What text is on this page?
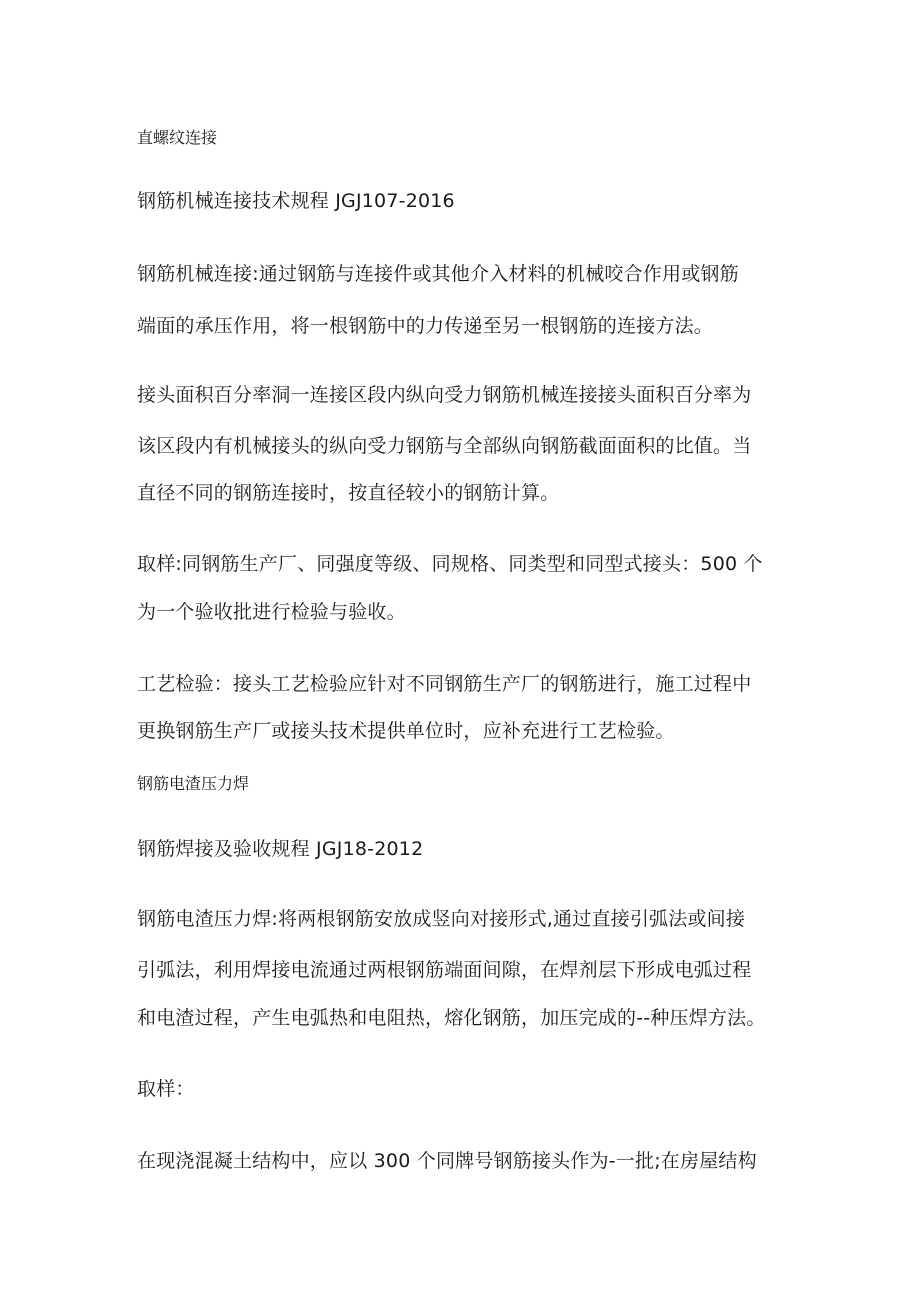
直螺纹连接
钢筋机械连接技术规程 JGJ107-2016
钢筋机械连接:通过钢筋与连接件或其他介入材料的机械咬合作用或钢筋
端面的承压作用，将一根钢筋中的力传递至另一根钢筋的连接方法。
接头面积百分率洞一连接区段内纵向受力钢筋机械连接接头面积百分率为
该区段内有机械接头的纵向受力钢筋与全部纵向钢筋截面面积的比值。当
直径不同的钢筋连接时，按直径较小的钢筋计算。
取样:同钢筋生产厂、同强度等级、同规格、同类型和同型式接头：500 个
为一个验收批进行检验与验收。
工艺检验：接头工艺检验应针对不同钢筋生产厂的钢筋进行，施工过程中
更换钢筋生产厂或接头技术提供单位时，应补充进行工艺检验。
钢筋电渣压力焊
钢筋焊接及验收规程 JGJ18-2012
钢筋电渣压力焊:将两根钢筋安放成竖向对接形式,通过直接引弧法或间接
引弧法，利用焊接电流通过两根钢筋端面间隙，在焊剂层下形成电弧过程
和电渣过程，产生电弧热和电阻热，熔化钢筋，加压完成的--种压焊方法。
取样：
在现浇混凝土结构中，应以 300 个同牌号钢筋接头作为-一批;在房屋结构
